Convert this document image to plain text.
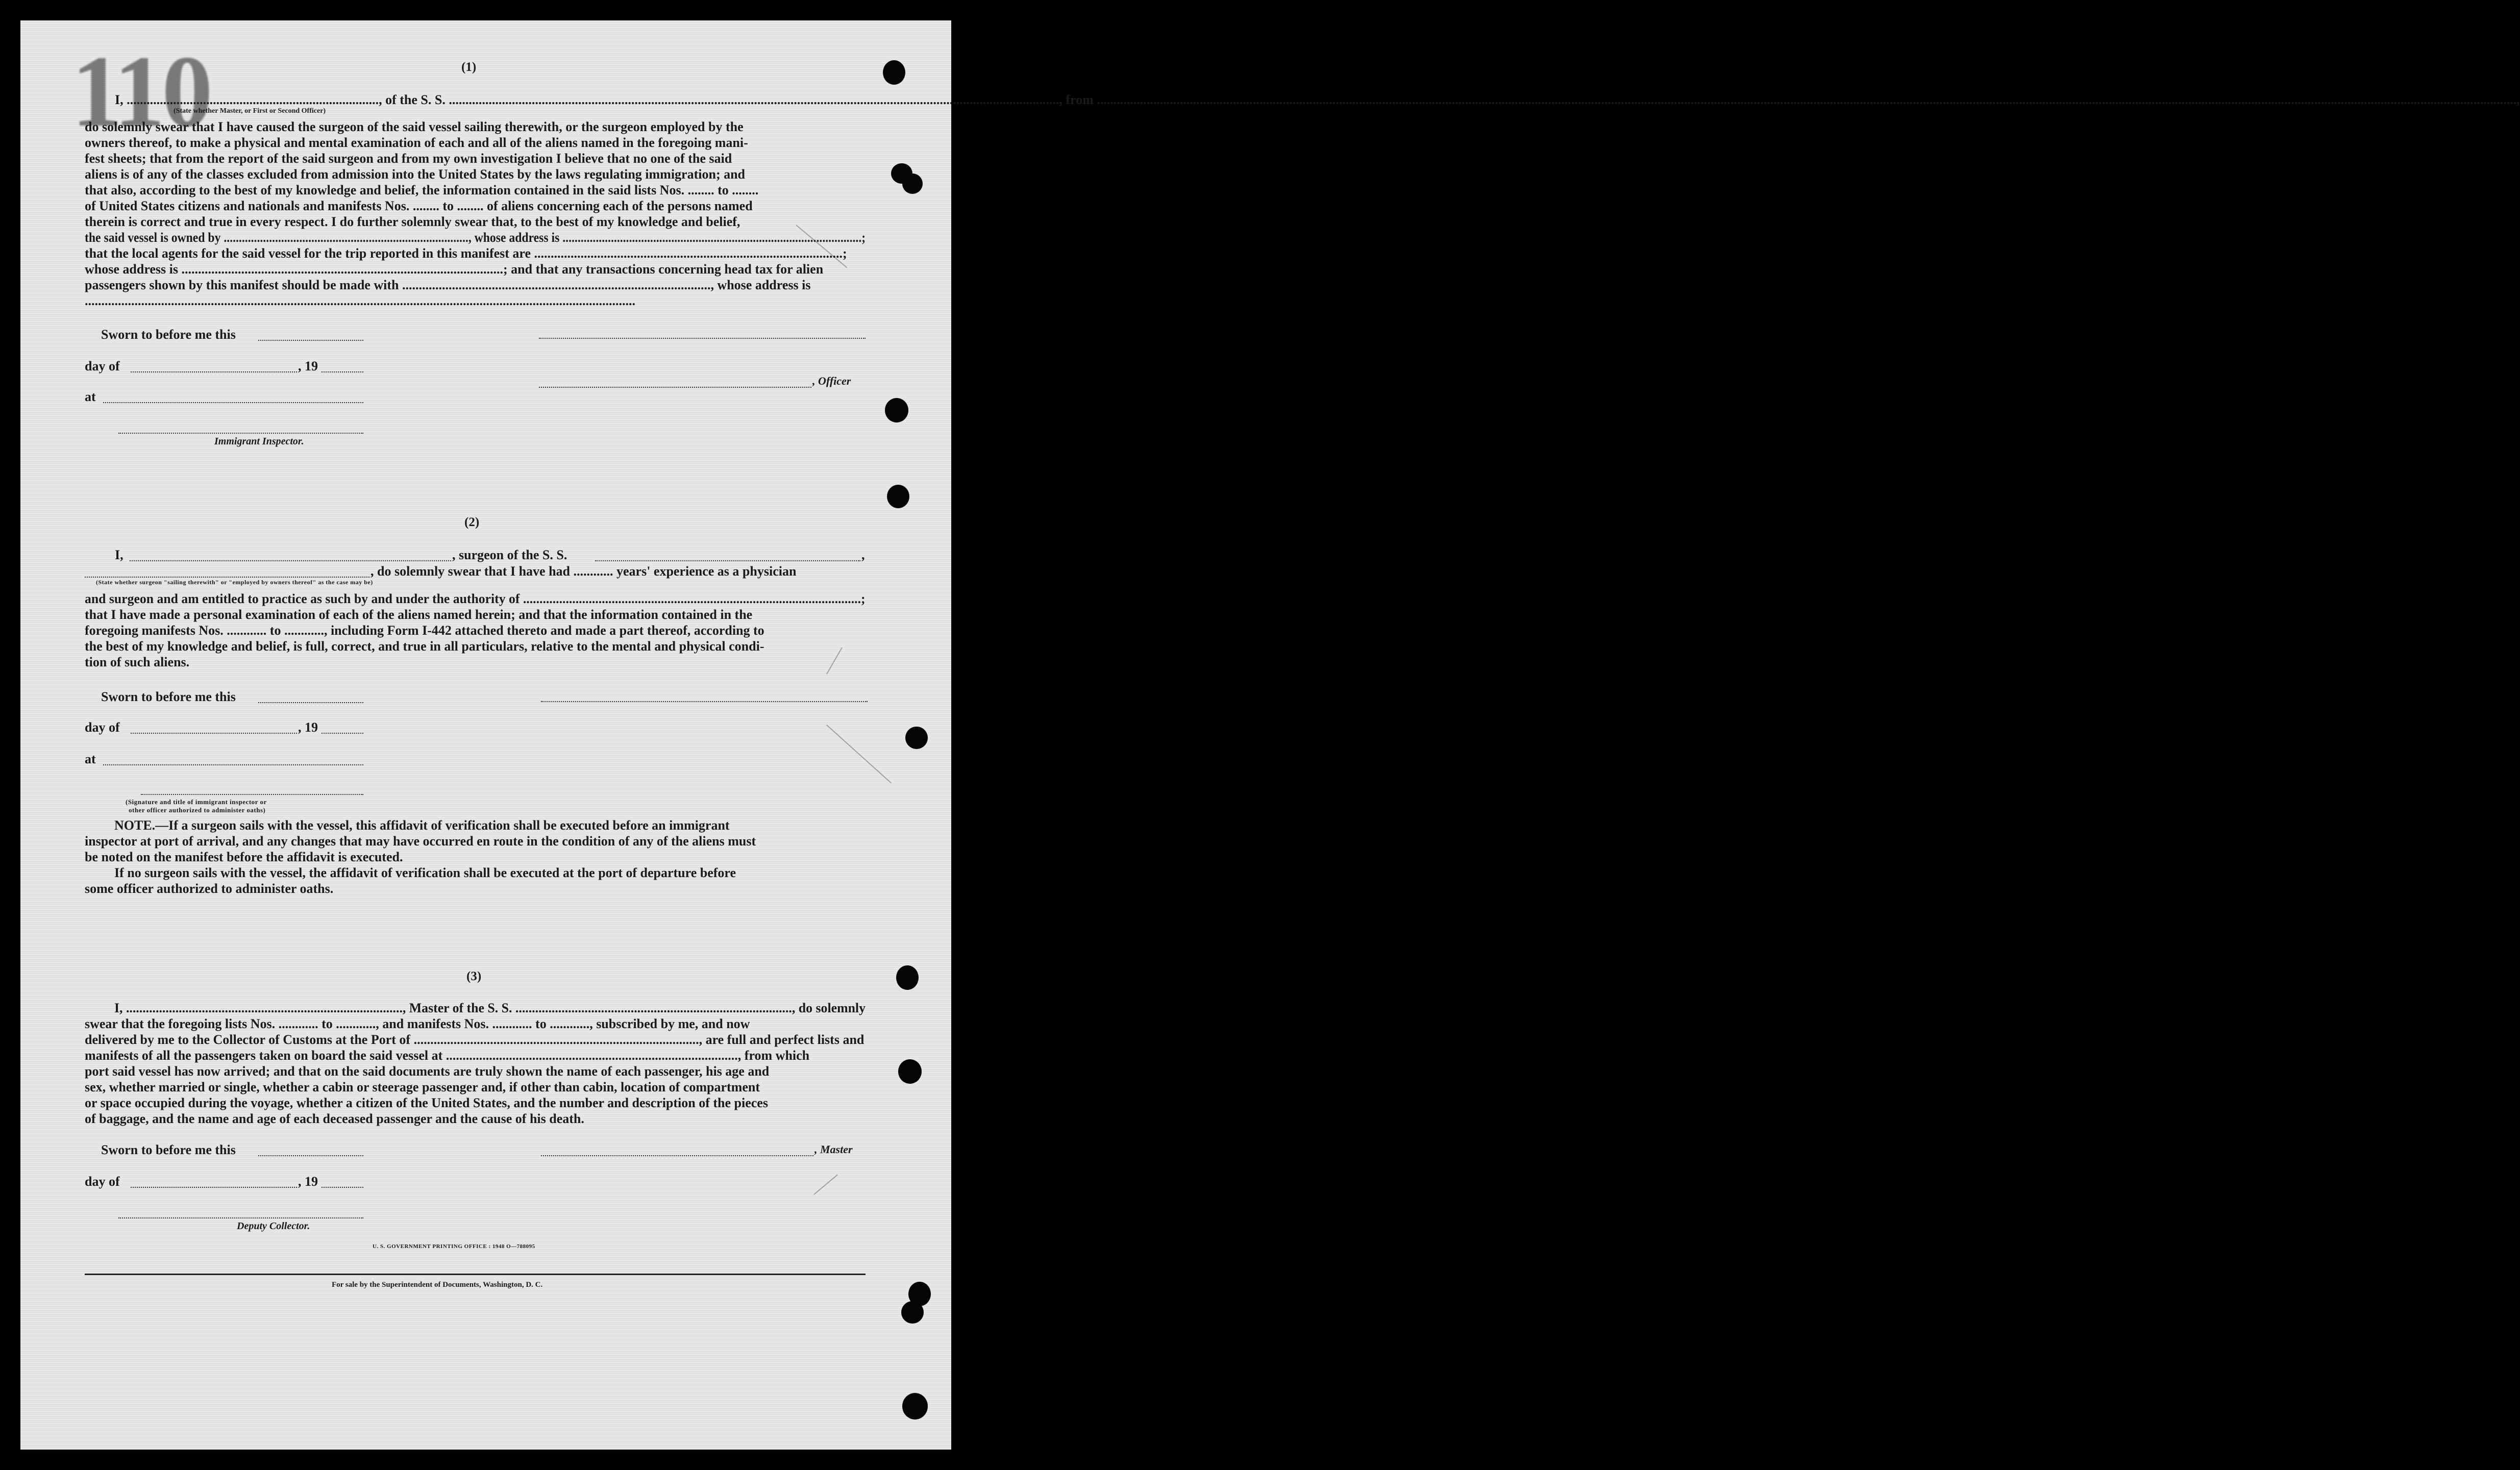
110	(1)
I, ............................................................................, of the S. S. ........................................................................................................................................................................................, from ............................................................................................................................................................................................................................................................................................................................................................................................................................................,
(State whether Master, or First or Second Officer)
do solemnly swear that I have caused the surgeon of the said vessel sailing therewith, or the surgeon employed by the
owners thereof, to make a physical and mental examination of each and all of the aliens named in the foregoing mani-
fest sheets; that from the report of the said surgeon and from my own investigation I believe that no one of the said
aliens is of any of the classes excluded from admission into the United States by the laws regulating immigration; and
that also, according to the best of my knowledge and belief, the information contained in the said lists Nos. ........ to ........
of United States citizens and nationals and manifests Nos. ........ to ........ of aliens concerning each of the persons named
therein is correct and true in every respect. I do further solemnly swear that, to the best of my knowledge and belief,
the said vessel is owned by ................................................................................., whose address is ...................................................................................................;
that the local agents for the said vessel for the trip reported in this manifest are .............................................................................................;
whose address is .................................................................................................; and that any transactions concerning head tax for alien
passengers shown by this manifest should be made with ............................................................................................., whose address is
......................................................................................................................................................................
Sworn to before me this
day of	, 19
, Officer
at
Immigrant Inspector.
(2)
I,	, surgeon of the S. S.	,
, do solemnly swear that I have had ............ years' experience as a physician
(State whether surgeon "sailing therewith" or "employed by owners thereof" as the case may be)
and surgeon and am entitled to practice as such by and under the authority of .......................................................................................................;
that I have made a personal examination of each of the aliens named herein; and that the information contained in the
foregoing manifests Nos. ............ to ............, including Form I-442 attached thereto and made a part thereof, according to
the best of my knowledge and belief, is full, correct, and true in all particulars, relative to the mental and physical condi-
tion of such aliens.
Sworn to before me this
day of	, 19
at
(Signature and title of immigrant inspector or
other officer authorized to administer oaths)
NOTE.—If a surgeon sails with the vessel, this affidavit of verification shall be executed before an immigrant
inspector at port of arrival, and any changes that may have occurred en route in the condition of any of the aliens must
be noted on the manifest before the affidavit is executed.
If no surgeon sails with the vessel, the affidavit of verification shall be executed at the port of departure before
some officer authorized to administer oaths.
(3)
I, ...................................................................................., Master of the S. S. ...................................................................................., do solemnly
swear that the foregoing lists Nos. ............ to ............, and manifests Nos. ............ to ............, subscribed by me, and now
delivered by me to the Collector of Customs at the Port of ......................................................................................, are full and perfect lists and
manifests of all the passengers taken on board the said vessel at ........................................................................................, from which
port said vessel has now arrived; and that on the said documents are truly shown the name of each passenger, his age and
sex, whether married or single, whether a cabin or steerage passenger and, if other than cabin, location of compartment
or space occupied during the voyage, whether a citizen of the United States, and the number and description of the pieces
of baggage, and the name and age of each deceased passenger and the cause of his death.
Sworn to before me this	, Master
day of	, 19
Deputy Collector.
U. S. GOVERNMENT PRINTING OFFICE : 1948 O—788095
For sale by the Superintendent of Documents, Washington, D. C.
